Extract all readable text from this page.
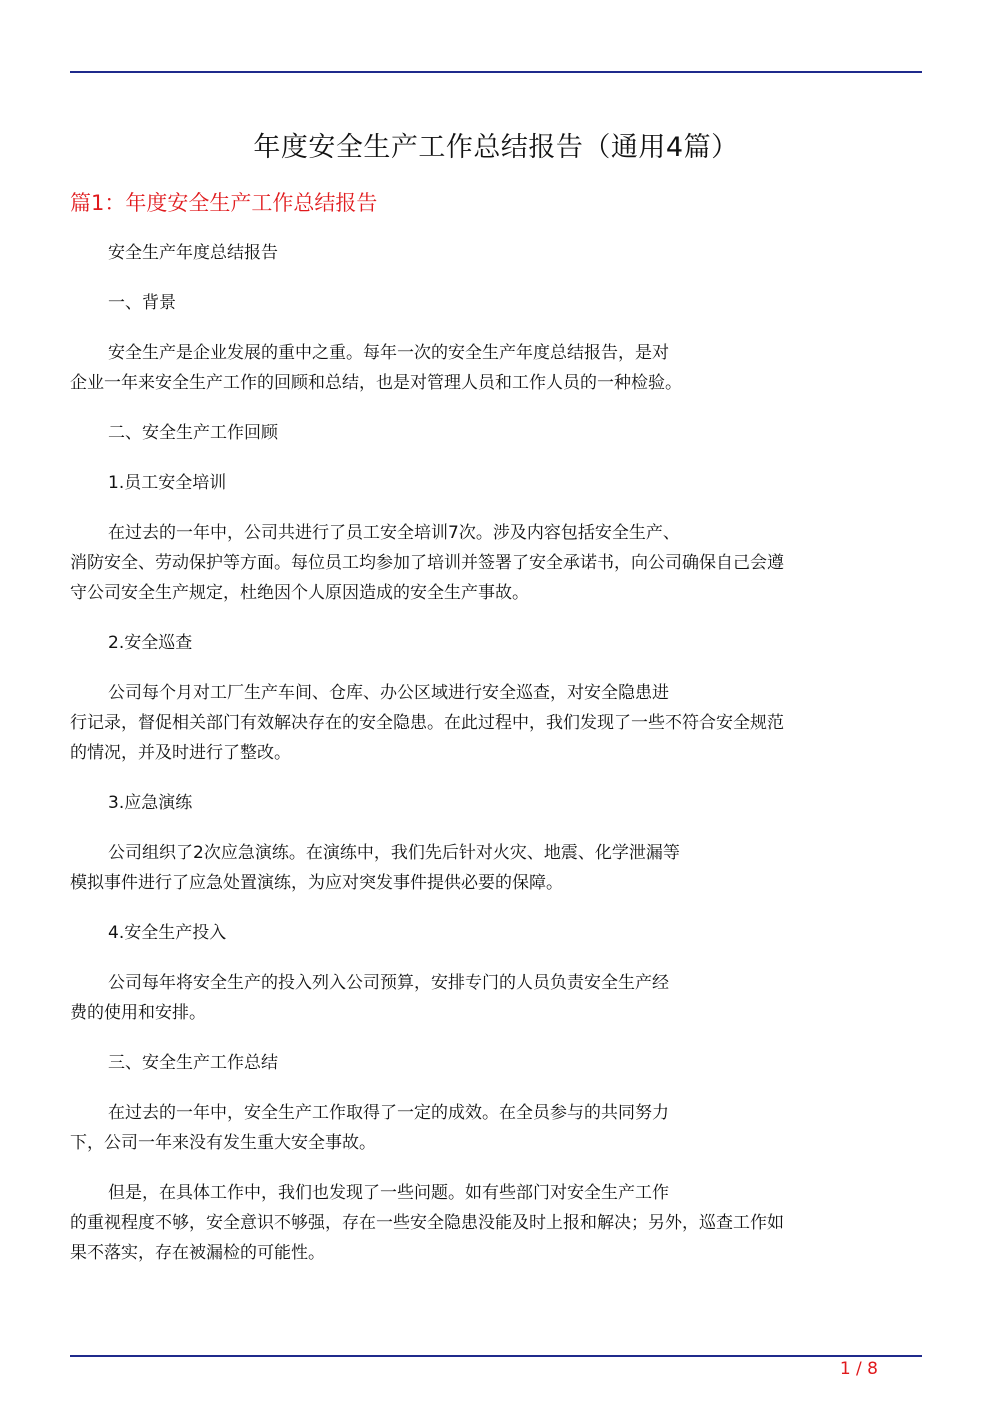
年度安全生产工作总结报告（通用4篇）
篇1：年度安全生产工作总结报告
安全生产年度总结报告
一、背景
安全生产是企业发展的重中之重。每年一次的安全生产年度总结报告，是对
企业一年来安全生产工作的回顾和总结，也是对管理人员和工作人员的一种检验。
二、安全生产工作回顾
1.员工安全培训
在过去的一年中，公司共进行了员工安全培训7次。涉及内容包括安全生产、
消防安全、劳动保护等方面。每位员工均参加了培训并签署了安全承诺书，向公司确保自己会遵
守公司安全生产规定，杜绝因个人原因造成的安全生产事故。
2.安全巡查
公司每个月对工厂生产车间、仓库、办公区域进行安全巡查，对安全隐患进
行记录，督促相关部门有效解决存在的安全隐患。在此过程中，我们发现了一些不符合安全规范
的情况，并及时进行了整改。
3.应急演练
公司组织了2次应急演练。在演练中，我们先后针对火灾、地震、化学泄漏等
模拟事件进行了应急处置演练，为应对突发事件提供必要的保障。
4.安全生产投入
公司每年将安全生产的投入列入公司预算，安排专门的人员负责安全生产经
费的使用和安排。
三、安全生产工作总结
在过去的一年中，安全生产工作取得了一定的成效。在全员参与的共同努力
下，公司一年来没有发生重大安全事故。
但是，在具体工作中，我们也发现了一些问题。如有些部门对安全生产工作
的重视程度不够，安全意识不够强，存在一些安全隐患没能及时上报和解决；另外，巡查工作如
果不落实，存在被漏检的可能性。
1 / 8
